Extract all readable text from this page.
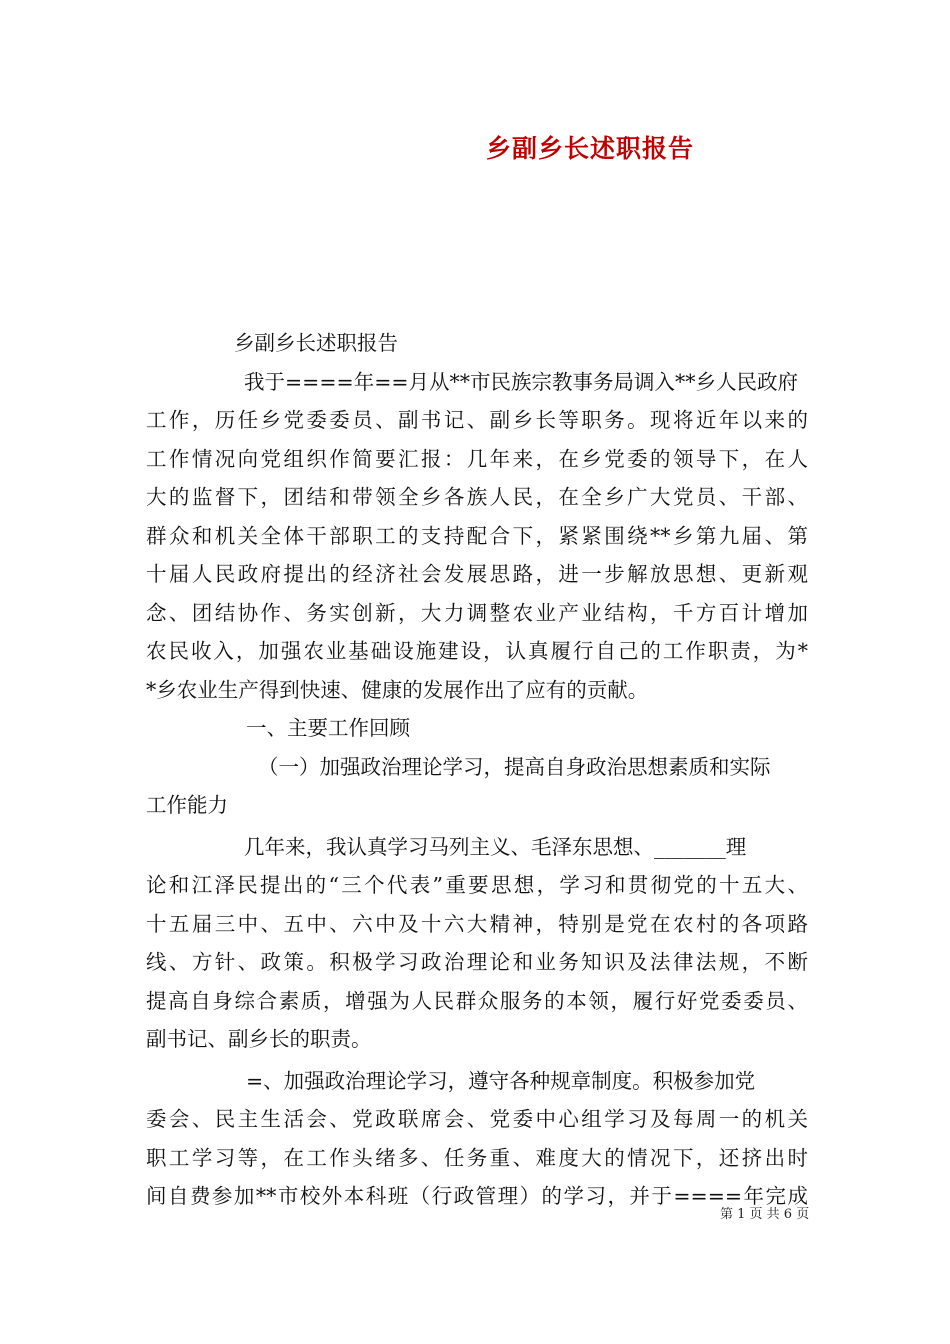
乡副乡长述职报告
乡副乡长述职报告
我于====年==月从**市民族宗教事务局调入**乡人民政府
工作，历任乡党委委员、副书记、副乡长等职务。现将近年以来的
工作情况向党组织作简要汇报：几年来，在乡党委的领导下，在人
大的监督下，团结和带领全乡各族人民，在全乡广大党员、干部、
群众和机关全体干部职工的支持配合下，紧紧围绕**乡第九届、第
十届人民政府提出的经济社会发展思路，进一步解放思想、更新观
念、团结协作、务实创新，大力调整农业产业结构，千方百计增加
农民收入，加强农业基础设施建设，认真履行自己的工作职责，为*
*乡农业生产得到快速、健康的发展作出了应有的贡献。
一、主要工作回顾
（一）加强政治理论学习，提高自身政治思想素质和实际
工作能力
几年来，我认真学习马列主义、毛泽东思想、_______理
论和江泽民提出的“三个代表”重要思想，学习和贯彻党的十五大、
十五届三中、五中、六中及十六大精神，特别是党在农村的各项路
线、方针、政策。积极学习政治理论和业务知识及法律法规，不断
提高自身综合素质，增强为人民群众服务的本领，履行好党委委员、
副书记、副乡长的职责。
=、加强政治理论学习，遵守各种规章制度。积极参加党
委会、民主生活会、党政联席会、党委中心组学习及每周一的机关
职工学习等，在工作头绪多、任务重、难度大的情况下，还挤出时
间自费参加**市校外本科班（行政管理）的学习，并于====年完成
第 1 页 共 6 页
